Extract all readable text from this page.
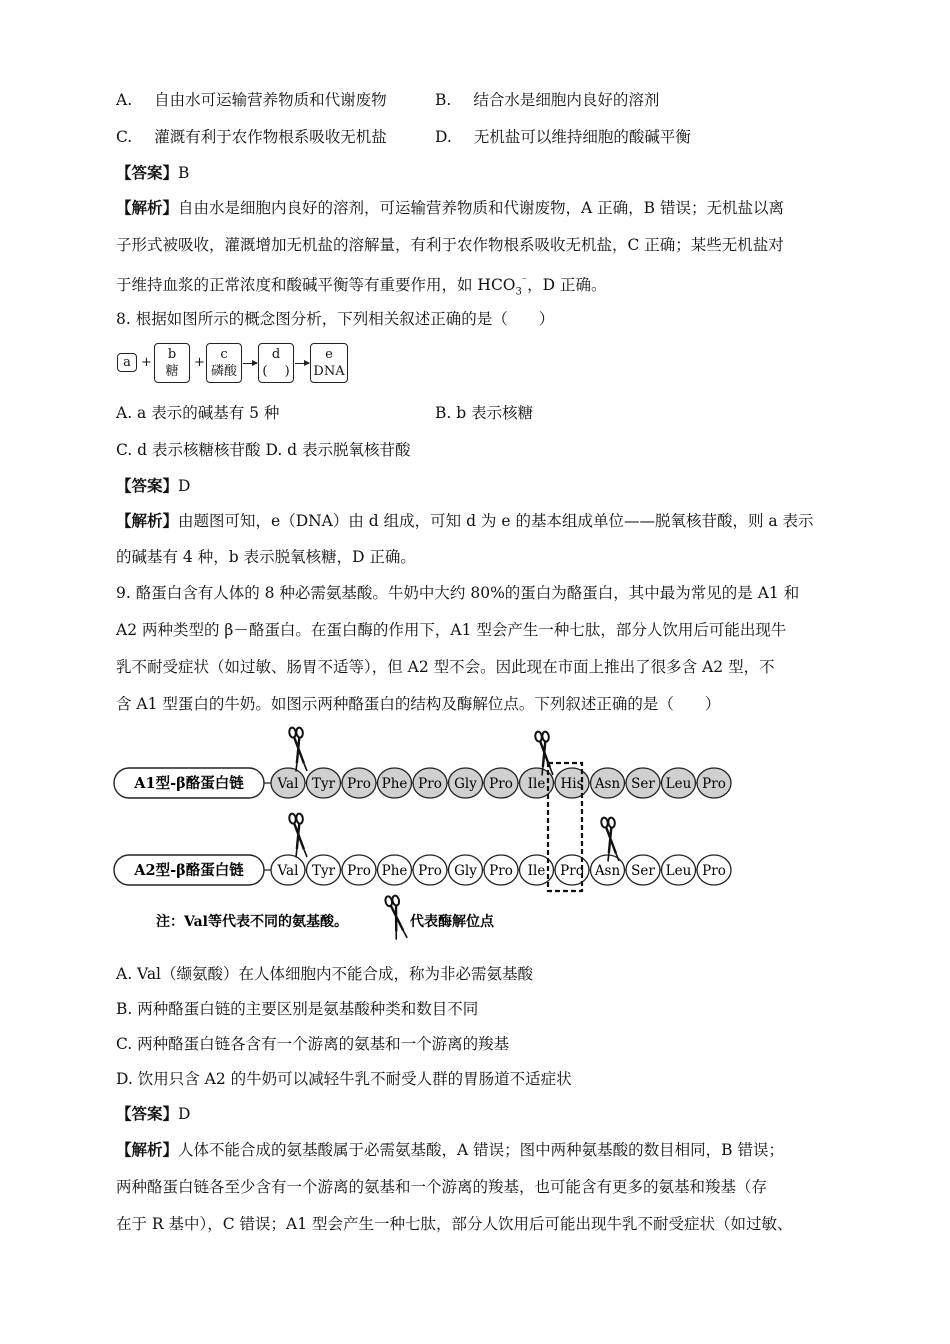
A. 自由水可运输营养物质和代谢废物	B. 结合水是细胞内良好的溶剂
C. 灌溉有利于农作物根系吸收无机盐	D. 无机盐可以维持细胞的酸碱平衡
【答案】B
【解析】自由水是细胞内良好的溶剂，可运输营养物质和代谢废物，A 正确，B 错误；无机盐以离
子形式被吸收，灌溉增加无机盐的溶解量，有利于农作物根系吸收无机盐，C 正确；某些无机盐对
于维持血浆的正常浓度和酸碱平衡等有重要作用，如 $HCO_3^{^-}$，D 正确。
8. 根据如图所示的概念图分析，下列相关叙述正确的是（　　）
a +
b
糖
+
c
磷酸
d
(　 )
e
DNA
A. a 表示的碱基有 5 种	B. b 表示核糖
C. d 表示核糖核苷酸 D. d 表示脱氧核苷酸
【答案】D
【解析】由题图可知，e（DNA）由 d 组成，可知 d 为 e 的基本组成单位——脱氧核苷酸，则 a 表示
的碱基有 4 种，b 表示脱氧核糖，D 正确。
9. 酪蛋白含有人体的 8 种必需氨基酸。牛奶中大约 80%的蛋白为酪蛋白，其中最为常见的是 A1 和
A2 两种类型的 β－酪蛋白。在蛋白酶的作用下，A1 型会产生一种七肽，部分人饮用后可能出现牛
乳不耐受症状（如过敏、肠胃不适等），但 A2 型不会。因此现在市面上推出了很多含 A2 型，不
含 A1 型蛋白的牛奶。如图示两种酪蛋白的结构及酶解位点。下列叙述正确的是（　　）
A1型-β酪蛋白链	Val Tyr Pro Phe Pro Gly Pro Ile His Asn Ser Leu Pro
A2型-β酪蛋白链	Val Tyr Pro Phe Pro Gly Pro Ile Pro Asn Ser Leu Pro
注：Val等代表不同的氨基酸。	代表酶解位点
A. Val（缬氨酸）在人体细胞内不能合成，称为非必需氨基酸
B. 两种酪蛋白链的主要区别是氨基酸种类和数目不同
C. 两种酪蛋白链各含有一个游离的氨基和一个游离的羧基
D. 饮用只含 A2 的牛奶可以减轻牛乳不耐受人群的胃肠道不适症状
【答案】D
【解析】人体不能合成的氨基酸属于必需氨基酸，A 错误；图中两种氨基酸的数目相同，B 错误；
两种酪蛋白链各至少含有一个游离的氨基和一个游离的羧基，也可能含有更多的氨基和羧基（存
在于 R 基中），C 错误；A1 型会产生一种七肽，部分人饮用后可能出现牛乳不耐受症状（如过敏、
